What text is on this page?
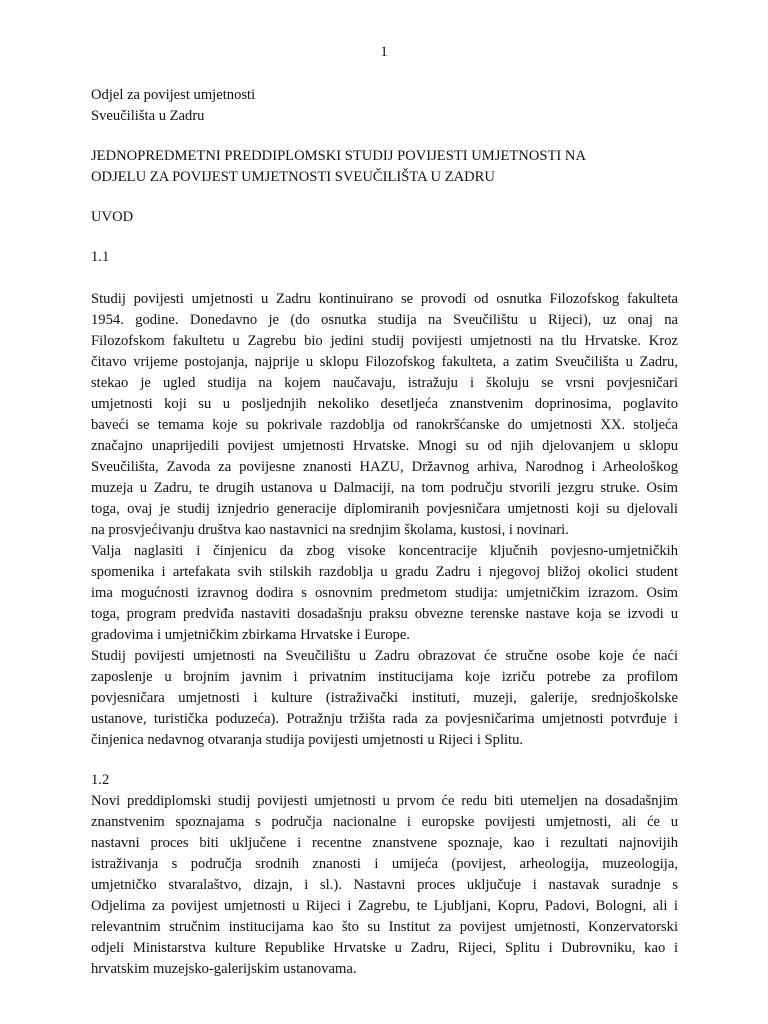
1
Odjel za povijest umjetnosti
Sveučilišta u Zadru
JEDNOPREDMETNI PREDDIPLOMSKI STUDIJ POVIJESTI UMJETNOSTI NA
ODJELU ZA POVIJEST UMJETNOSTI SVEUČILIŠTA U ZADRU
UVOD
1.1
Studij povijesti umjetnosti u Zadru kontinuirano se provodi od osnutka Filozofskog fakulteta
1954. godine. Donedavno je (do osnutka studija na Sveučilištu u Rijeci), uz onaj na
Filozofskom fakultetu u Zagrebu bio jedini studij povijesti umjetnosti na tlu Hrvatske. Kroz
čitavo vrijeme postojanja, najprije u sklopu Filozofskog fakulteta, a zatim Sveučilišta u Zadru,
stekao je ugled studija na kojem naučavaju, istražuju i školuju se vrsni povjesničari
umjetnosti koji su u posljednjih nekoliko desetljeća znanstvenim doprinosima, poglavito
baveći se temama koje su pokrivale razdoblja od ranokršćanske do umjetnosti XX. stoljeća
značajno unaprijedili povijest umjetnosti Hrvatske. Mnogi su od njih djelovanjem u sklopu
Sveučilišta, Zavoda za povijesne znanosti HAZU, Državnog arhiva, Narodnog i Arheološkog
muzeja u Zadru, te drugih ustanova u Dalmaciji, na tom području stvorili jezgru struke. Osim
toga, ovaj je studij iznjedrio generacije diplomiranih povjesničara umjetnosti koji su djelovali
na prosvjećivanju društva kao nastavnici na srednjim školama, kustosi, i novinari.
Valja naglasiti i činjenicu da zbog visoke koncentracije ključnih povjesno-umjetničkih
spomenika i artefakata svih stilskih razdoblja u gradu Zadru i njegovoj bližoj okolici student
ima mogućnosti izravnog dodira s osnovnim predmetom studija: umjetničkim izrazom. Osim
toga, program predviđa nastaviti dosadašnju praksu obvezne terenske nastave koja se izvodi u
gradovima i umjetničkim zbirkama Hrvatske i Europe.
Studij povijesti umjetnosti na Sveučilištu u Zadru obrazovat će stručne osobe koje će naći
zaposlenje u brojnim javnim i privatnim institucijama koje izriču potrebe za profilom
povjesničara umjetnosti i kulture (istraživački instituti, muzeji, galerije, srednjoškolske
ustanove, turistička poduzeća). Potražnju tržišta rada za povjesničarima umjetnosti potvrđuje i
činjenica nedavnog otvaranja studija povijesti umjetnosti u Rijeci i Splitu.
1.2
Novi preddiplomski studij povijesti umjetnosti u prvom će redu biti utemeljen na dosadašnjim
znanstvenim spoznajama s područja nacionalne i europske povijesti umjetnosti, ali će u
nastavni proces biti uključene i recentne znanstvene spoznaje, kao i rezultati najnovijih
istraživanja s područja srodnih znanosti i umijeća (povijest, arheologija, muzeologija,
umjetničko stvaralaštvo, dizajn, i sl.). Nastavni proces uključuje i nastavak suradnje s
Odjelima za povijest umjetnosti u Rijeci i Zagrebu, te Ljubljani, Kopru, Padovi, Bologni, ali i
relevantnim stručnim institucijama kao što su Institut za povijest umjetnosti, Konzervatorski
odjeli Ministarstva kulture Republike Hrvatske u Zadru, Rijeci, Splitu i Dubrovniku, kao i
hrvatskim muzejsko-galerijskim ustanovama.
